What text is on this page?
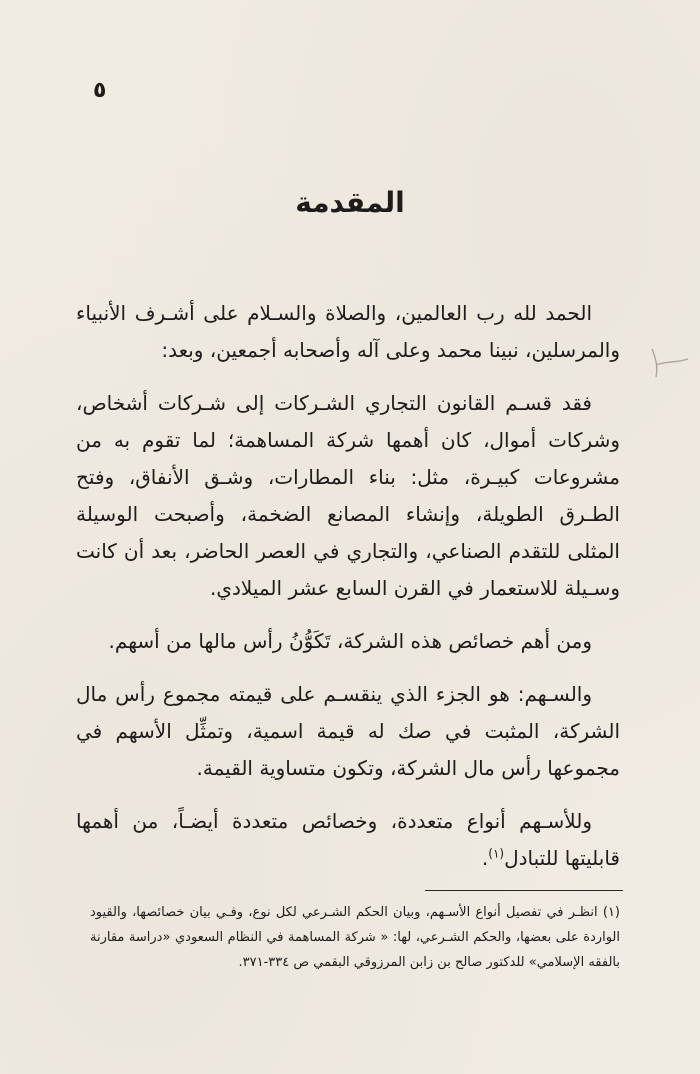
٥
المقدمة

الحمد لله رب العالمين، والصلاة والسـلام على أشـرف الأنبياء والمرسلين، نبينا محمد وعلى آله وأصحابه أجمعين، وبعد:

فقد قسـم القانون التجاري الشـركات إلى شـركات أشخاص، وشركات أموال، كان أهمها شركة المساهمة؛ لما تقوم به من مشروعات كبيـرة، مثل: بناء المطارات، وشـق الأنفاق، وفتح الطـرق الطويلة، وإنشاء المصانع الضخمة، وأصبحت الوسيلة المثلى للتقدم الصناعي، والتجاري في العصر الحاضر، بعد أن كانت وسـيلة للاستعمار في القرن السابع عشر الميلادي.

ومن أهم خصائص هذه الشركة، تَكَوُّنُ رأس مالها من أسهم.

والسـهم: هو الجزء الذي ينقسـم على قيمته مجموع رأس مال الشركة، المثبت في صك له قيمة اسمية، وتمثِّل الأسهم في مجموعها رأس مال الشركة، وتكون متساوية القيمة.

وللأسـهم أنواع متعددة، وخصائص متعددة أيضـاً، من أهمها قابليتها للتبادل$^{(١)}$.

(١) انظـر في تفصيل أنواع الأسـهم، وبيان الحكم الشـرعي لكل نوع، وفـي بيان خصائصها، والقيود الواردة على بعضها، والحكم الشـرعي، لها: « شركة المساهمة في النظام السعودي «دراسة مقارنة بالفقه الإسلامي» للدكتور صالح بن زابن المرزوقي البقمي ص ٣٣٤-٣٧١.
